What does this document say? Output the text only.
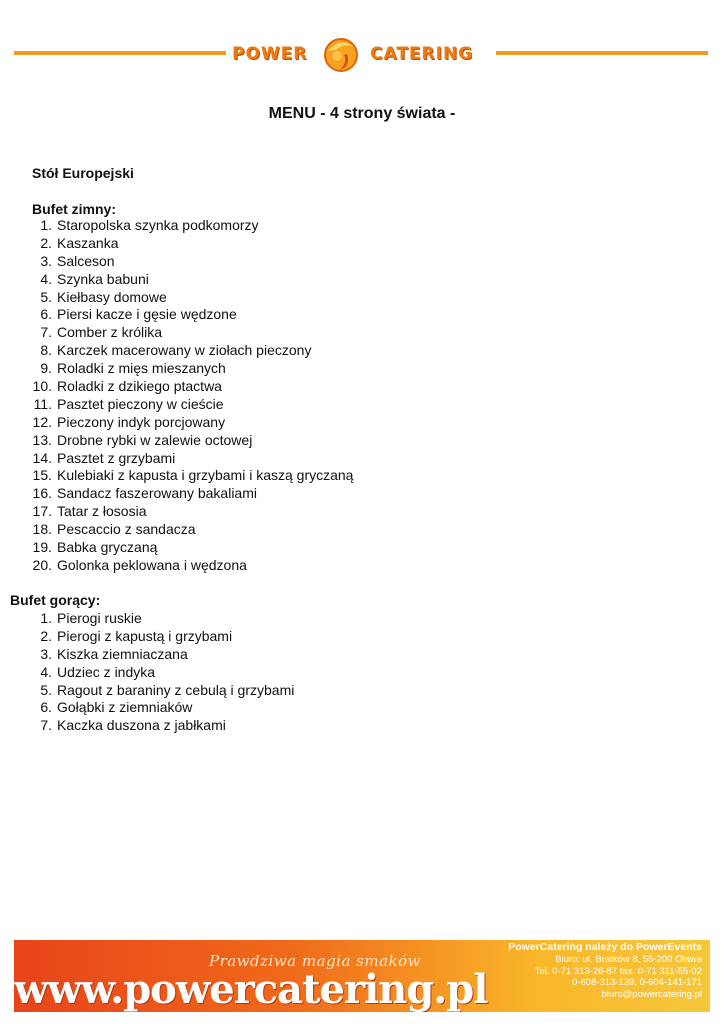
POWER	CATERING
MENU - 4 strony świata -
Stół Europejski
Bufet zimny:
1. Staropolska szynka podkomorzy
2. Kaszanka
3. Salceson
4. Szynka babuni
5. Kiełbasy domowe
6. Piersi kacze i gęsie wędzone
7. Comber z królika
8. Karczek macerowany w ziołach pieczony
9. Roladki z mięs mieszanych
10. Roladki z dzikiego ptactwa
11. Pasztet pieczony w cieście
12. Pieczony indyk porcjowany
13. Drobne rybki w zalewie octowej
14. Pasztet z grzybami
15. Kulebiaki z kapusta i grzybami i kaszą gryczaną
16. Sandacz faszerowany bakaliami
17. Tatar z łososia
18. Pescaccio z sandacza
19. Babka gryczaną
20. Golonka peklowana i wędzona
Bufet gorący:
1. Pierogi ruskie
2. Pierogi z kapustą i grzybami
3. Kiszka ziemniaczana
4. Udziec z indyka
5. Ragout z baraniny z cebulą i grzybami
6. Gołąbki z ziemniaków
7. Kaczka duszona z jabłkami
Prawdziwa magia smaków
www.powercatering.pl
PowerCatering należy do PowerEvents
Biuro: ul. Bratków 8, 55-200 Oława
Tel. 0-71 313-26-87 fax. 0-71 311-55-02
0-608-313-139, 0-604-141-171
biuro@powercatering.pl
